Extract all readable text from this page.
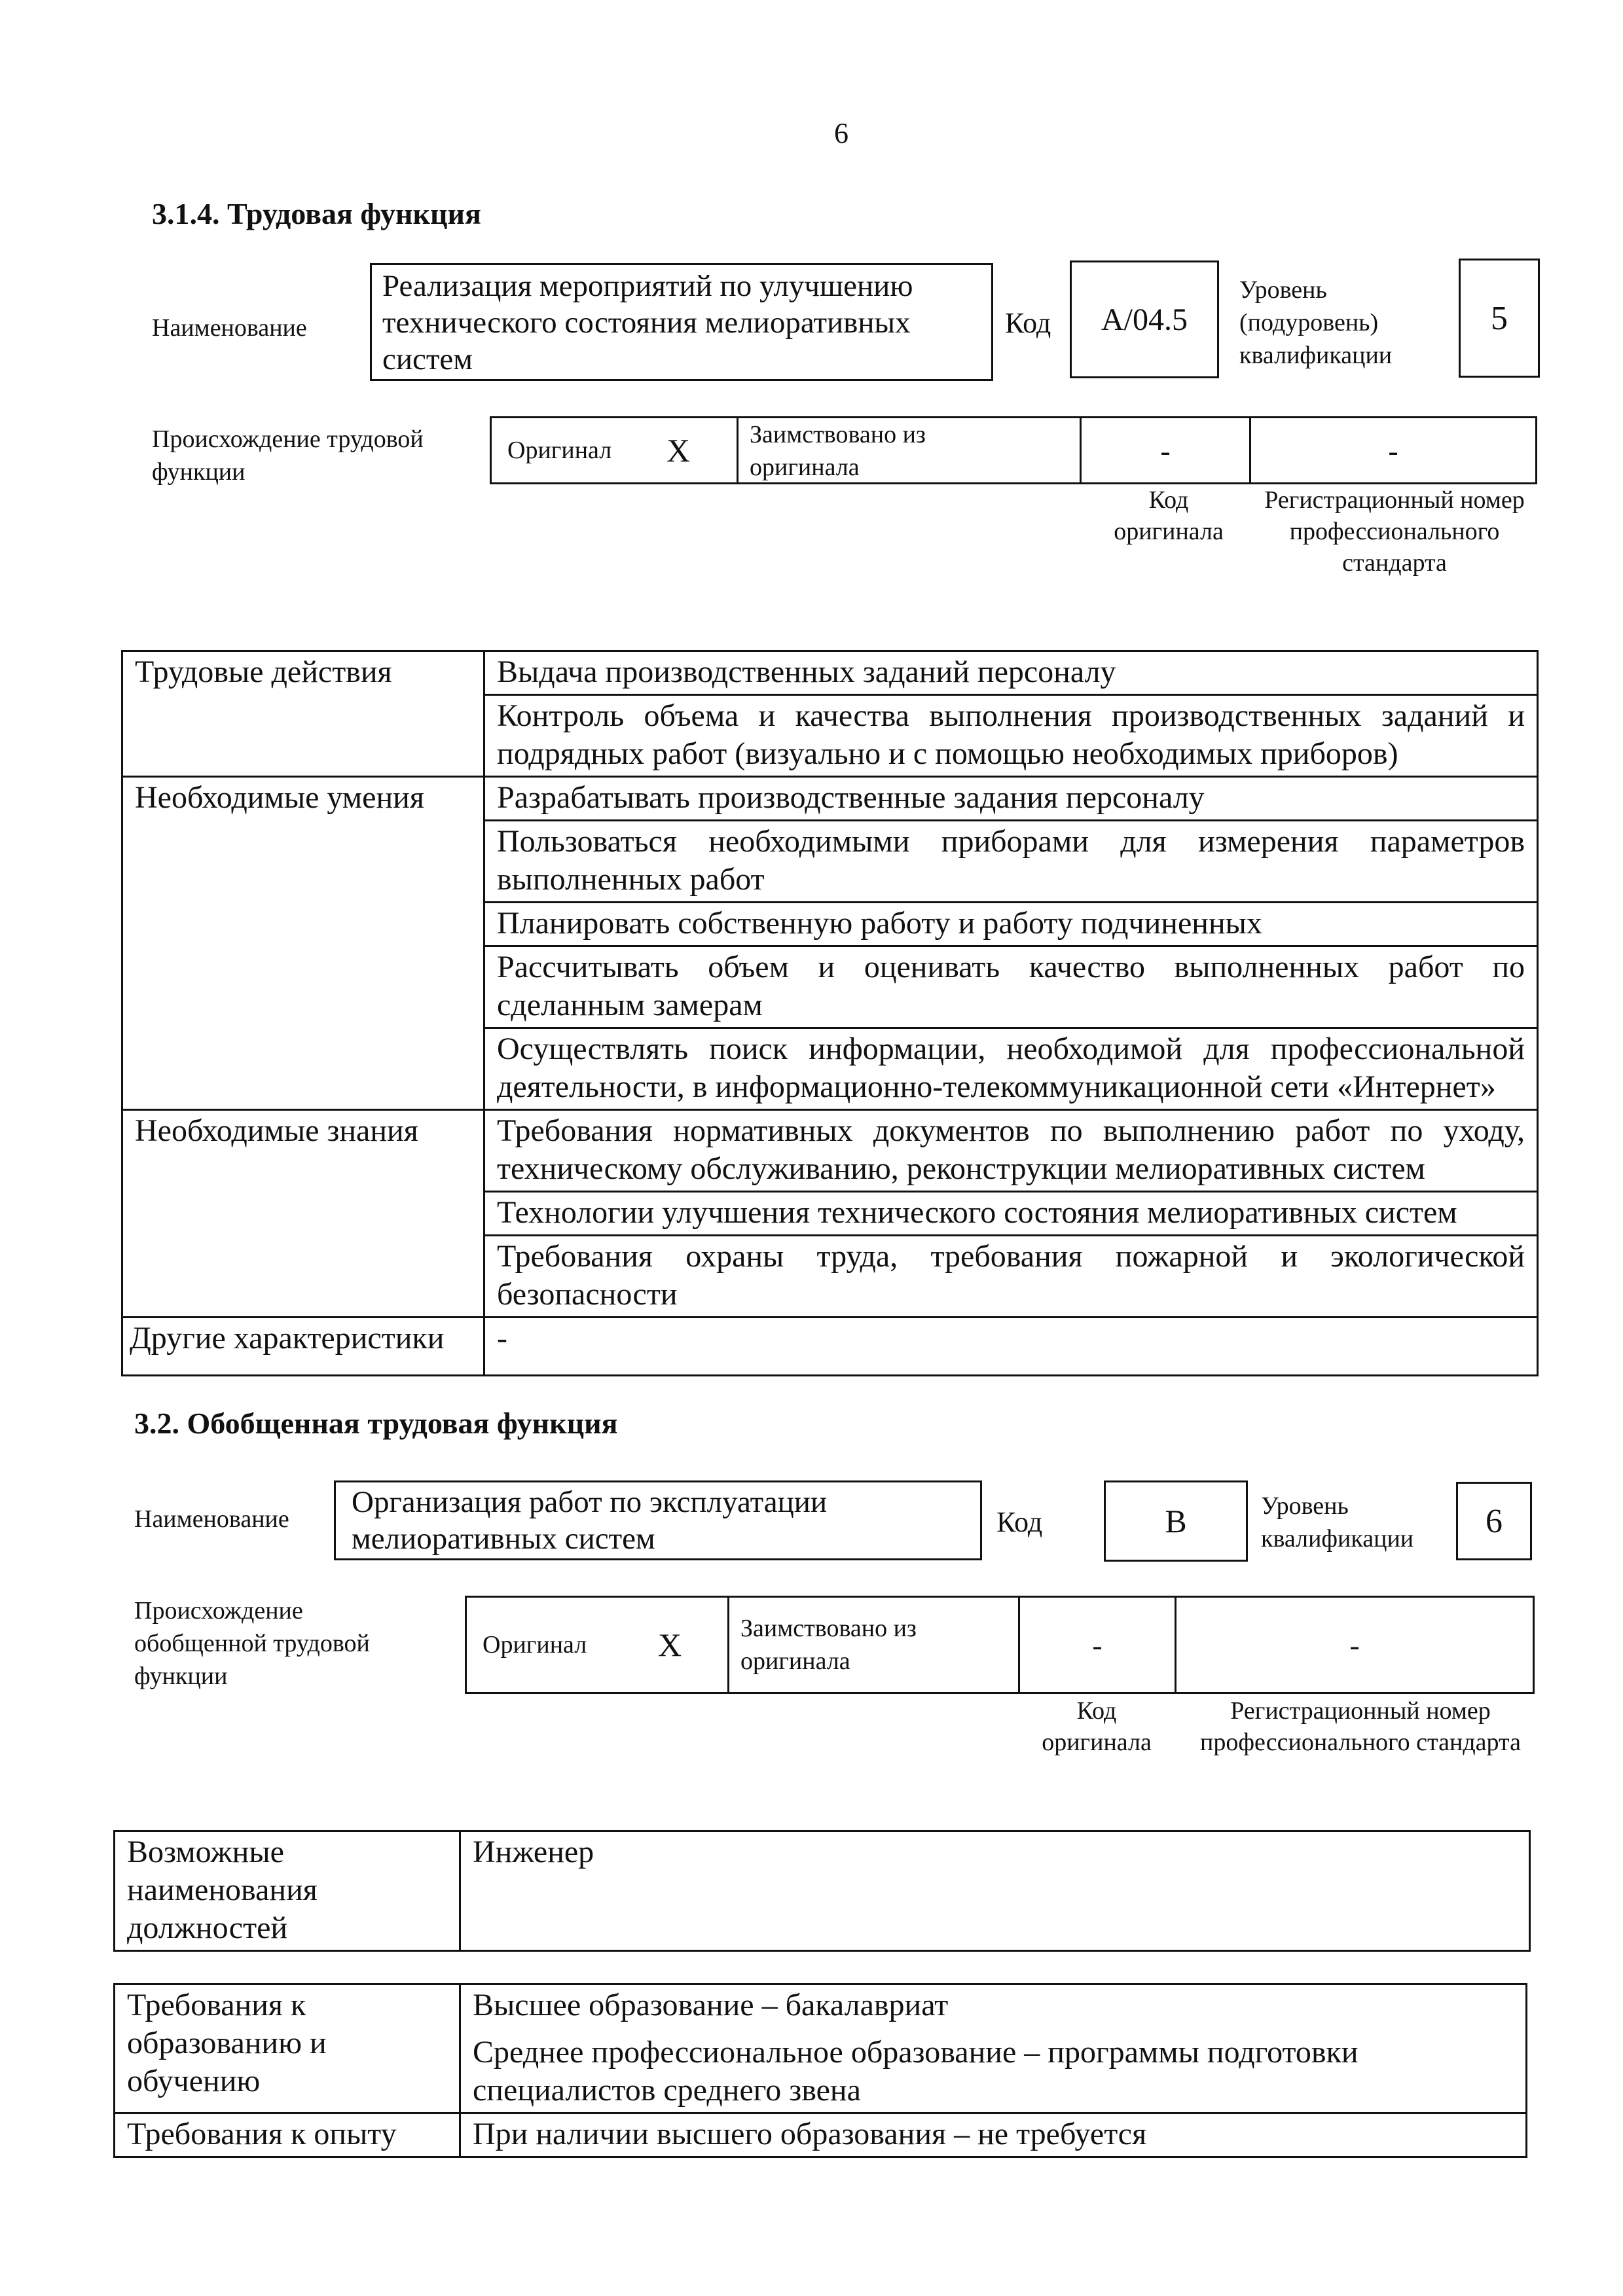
6
3.1.4. Трудовая функция
Наименование
Реализация мероприятий по улучшению технического состояния мелиоративных систем
Код	А/04.5
Уровень (подуровень) квалификации
5
Происхождение трудовой функции
Оригинал	X	Заимствовано из оригинала
-	-
Код оригинала
Регистрационный номер профессионального стандарта
Трудовые действия	Выдача производственных заданий персоналу
	Контроль объема и качества выполнения производственных заданий и подрядных работ (визуально и с помощью необходимых приборов)
Необходимые умения	Разрабатывать производственные задания персоналу
	Пользоваться необходимыми приборами для измерения параметров выполненных работ
	Планировать собственную работу и работу подчиненных
	Рассчитывать объем и оценивать качество выполненных работ по сделанным замерам
	Осуществлять поиск информации, необходимой для профессиональной деятельности, в информационно-телекоммуникационной сети «Интернет»
Необходимые знания	Требования нормативных документов по выполнению работ по уходу, техническому обслуживанию, реконструкции мелиоративных систем
	Технологии улучшения технического состояния мелиоративных систем
	Требования охраны труда, требования пожарной и экологической безопасности
Другие характеристики	-
3.2. Обобщенная трудовая функция
Наименование	Организация работ по эксплуатации мелиоративных систем	Код	В	Уровень квалификации	6
Происхождение обобщенной трудовой функции
Оригинал	X	Заимствовано из оригинала	-	-
Код оригинала
Регистрационный номер профессионального стандарта
Возможные наименования должностей	Инженер
Требования к образованию и обучению	Высшее образование – бакалавриат
	Среднее профессиональное образование – программы подготовки специалистов среднего звена
Требования к опыту	При наличии высшего образования – не требуется
